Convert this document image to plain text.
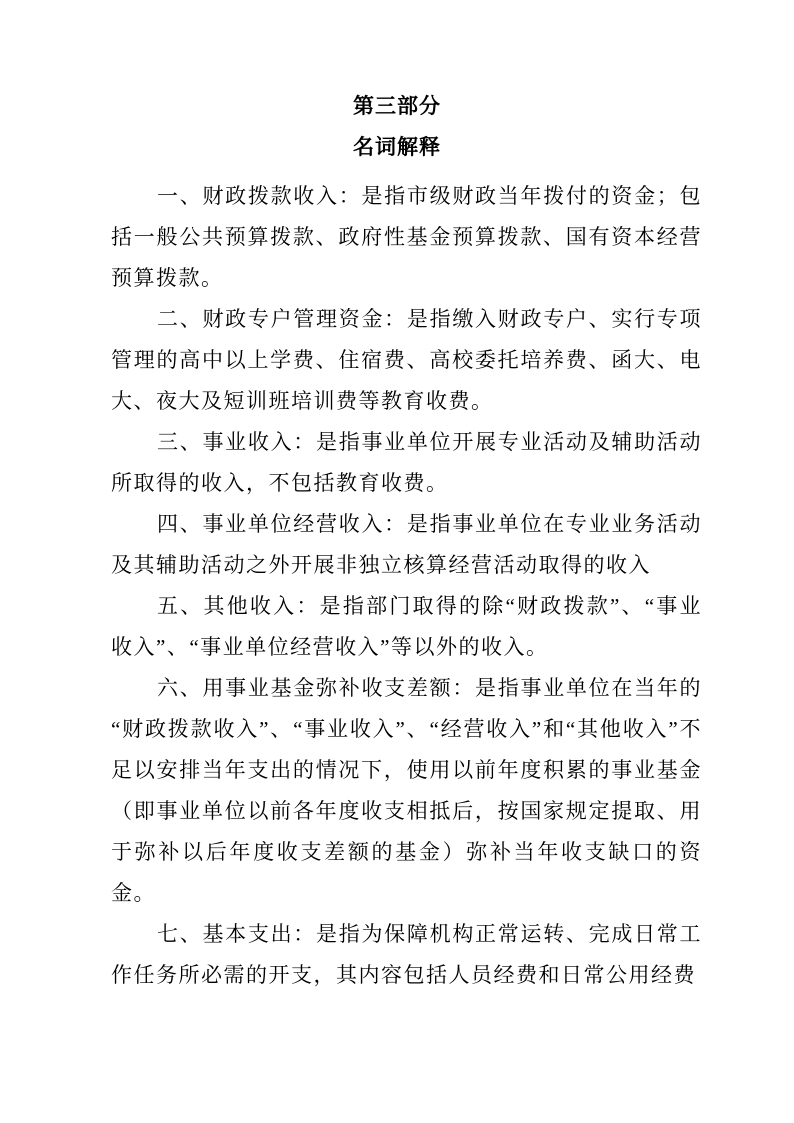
第三部分
名词解释

一、财政拨款收入：是指市级财政当年拨付的资金；包括一般公共预算拨款、政府性基金预算拨款、国有资本经营预算拨款。

二、财政专户管理资金：是指缴入财政专户、实行专项管理的高中以上学费、住宿费、高校委托培养费、函大、电大、夜大及短训班培训费等教育收费。

三、事业收入：是指事业单位开展专业活动及辅助活动所取得的收入，不包括教育收费。

四、事业单位经营收入：是指事业单位在专业业务活动及其辅助活动之外开展非独立核算经营活动取得的收入

五、其他收入：是指部门取得的除“财政拨款”、“事业收入”、“事业单位经营收入”等以外的收入。

六、用事业基金弥补收支差额：是指事业单位在当年的“财政拨款收入”、“事业收入”、“经营收入”和“其他收入”不足以安排当年支出的情况下，使用以前年度积累的事业基金（即事业单位以前各年度收支相抵后，按国家规定提取、用于弥补以后年度收支差额的基金）弥补当年收支缺口的资金。

七、基本支出：是指为保障机构正常运转、完成日常工作任务所必需的开支，其内容包括人员经费和日常公用经费
